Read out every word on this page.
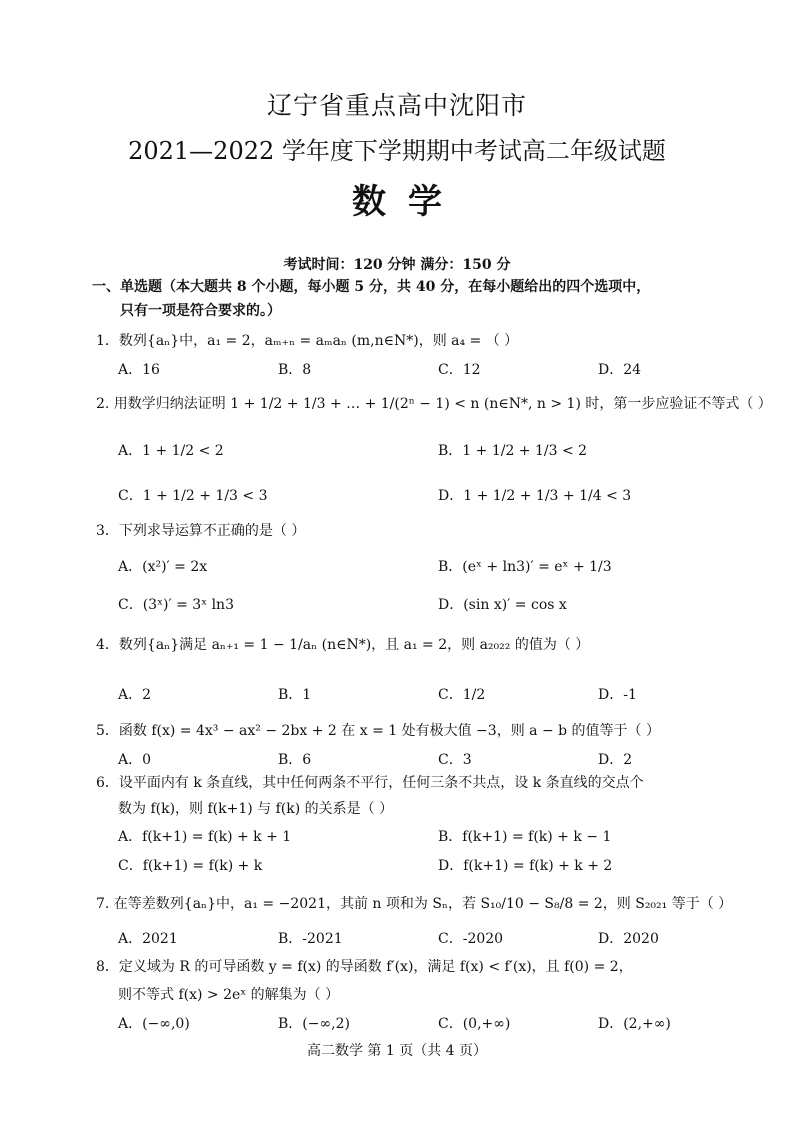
辽宁省重点高中沈阳市
2021—2022 学年度下学期期中考试高二年级试题
数学
考试时间：120 分钟 满分：150 分
一、单选题（本大题共 8 个小题，每小题 5 分，共 40 分，在每小题给出的四个选项中，
只有一项是符合要求的。）
1．数列{aₙ}中，a₁ = 2，aₘ₊ₙ = aₘaₙ (m,n∈N*)，则 a₄ = （ ）
A．16	B．8	C．12	D．24
2. 用数学归纳法证明 1 + 1/2 + 1/3 + … + 1/(2ⁿ − 1) < n (n∈N*, n > 1) 时，第一步应验证不等式（ ）
A．1 + 1/2 < 2	B．1 + 1/2 + 1/3 < 2
C．1 + 1/2 + 1/3 < 3	D．1 + 1/2 + 1/3 + 1/4 < 3
3．下列求导运算不正确的是（ ）
A．(x²)′ = 2x	B．(eˣ + ln3)′ = eˣ + 1/3
C．(3ˣ)′ = 3ˣ ln3	D．(sin x)′ = cos x
4．数列{aₙ}满足 aₙ₊₁ = 1 − 1/aₙ (n∈N*)，且 a₁ = 2，则 a₂₀₂₂ 的值为（ ）
A．2	B．1	C．1/2	D．-1
5．函数 f(x) = 4x³ − ax² − 2bx + 2 在 x = 1 处有极大值 −3，则 a − b 的值等于（ ）
A．0	B．6	C．3	D．2
6．设平面内有 k 条直线，其中任何两条不平行，任何三条不共点，设 k 条直线的交点个
数为 f(k)，则 f(k+1) 与 f(k) 的关系是（ ）
A．f(k+1) = f(k) + k + 1	B．f(k+1) = f(k) + k − 1
C．f(k+1) = f(k) + k	D．f(k+1) = f(k) + k + 2
7. 在等差数列{aₙ}中，a₁ = −2021，其前 n 项和为 Sₙ，若 S₁₀/10 − S₈/8 = 2，则 S₂₀₂₁ 等于（ ）
A．2021	B．-2021	C．-2020	D．2020
8．定义域为 R 的可导函数 y = f(x) 的导函数 f′(x)，满足 f(x) < f′(x)，且 f(0) = 2，
则不等式 f(x) > 2eˣ 的解集为（ ）
A．(−∞,0)	B．(−∞,2)	C．(0,+∞)	D．(2,+∞)
高二数学 第 1 页（共 4 页）
